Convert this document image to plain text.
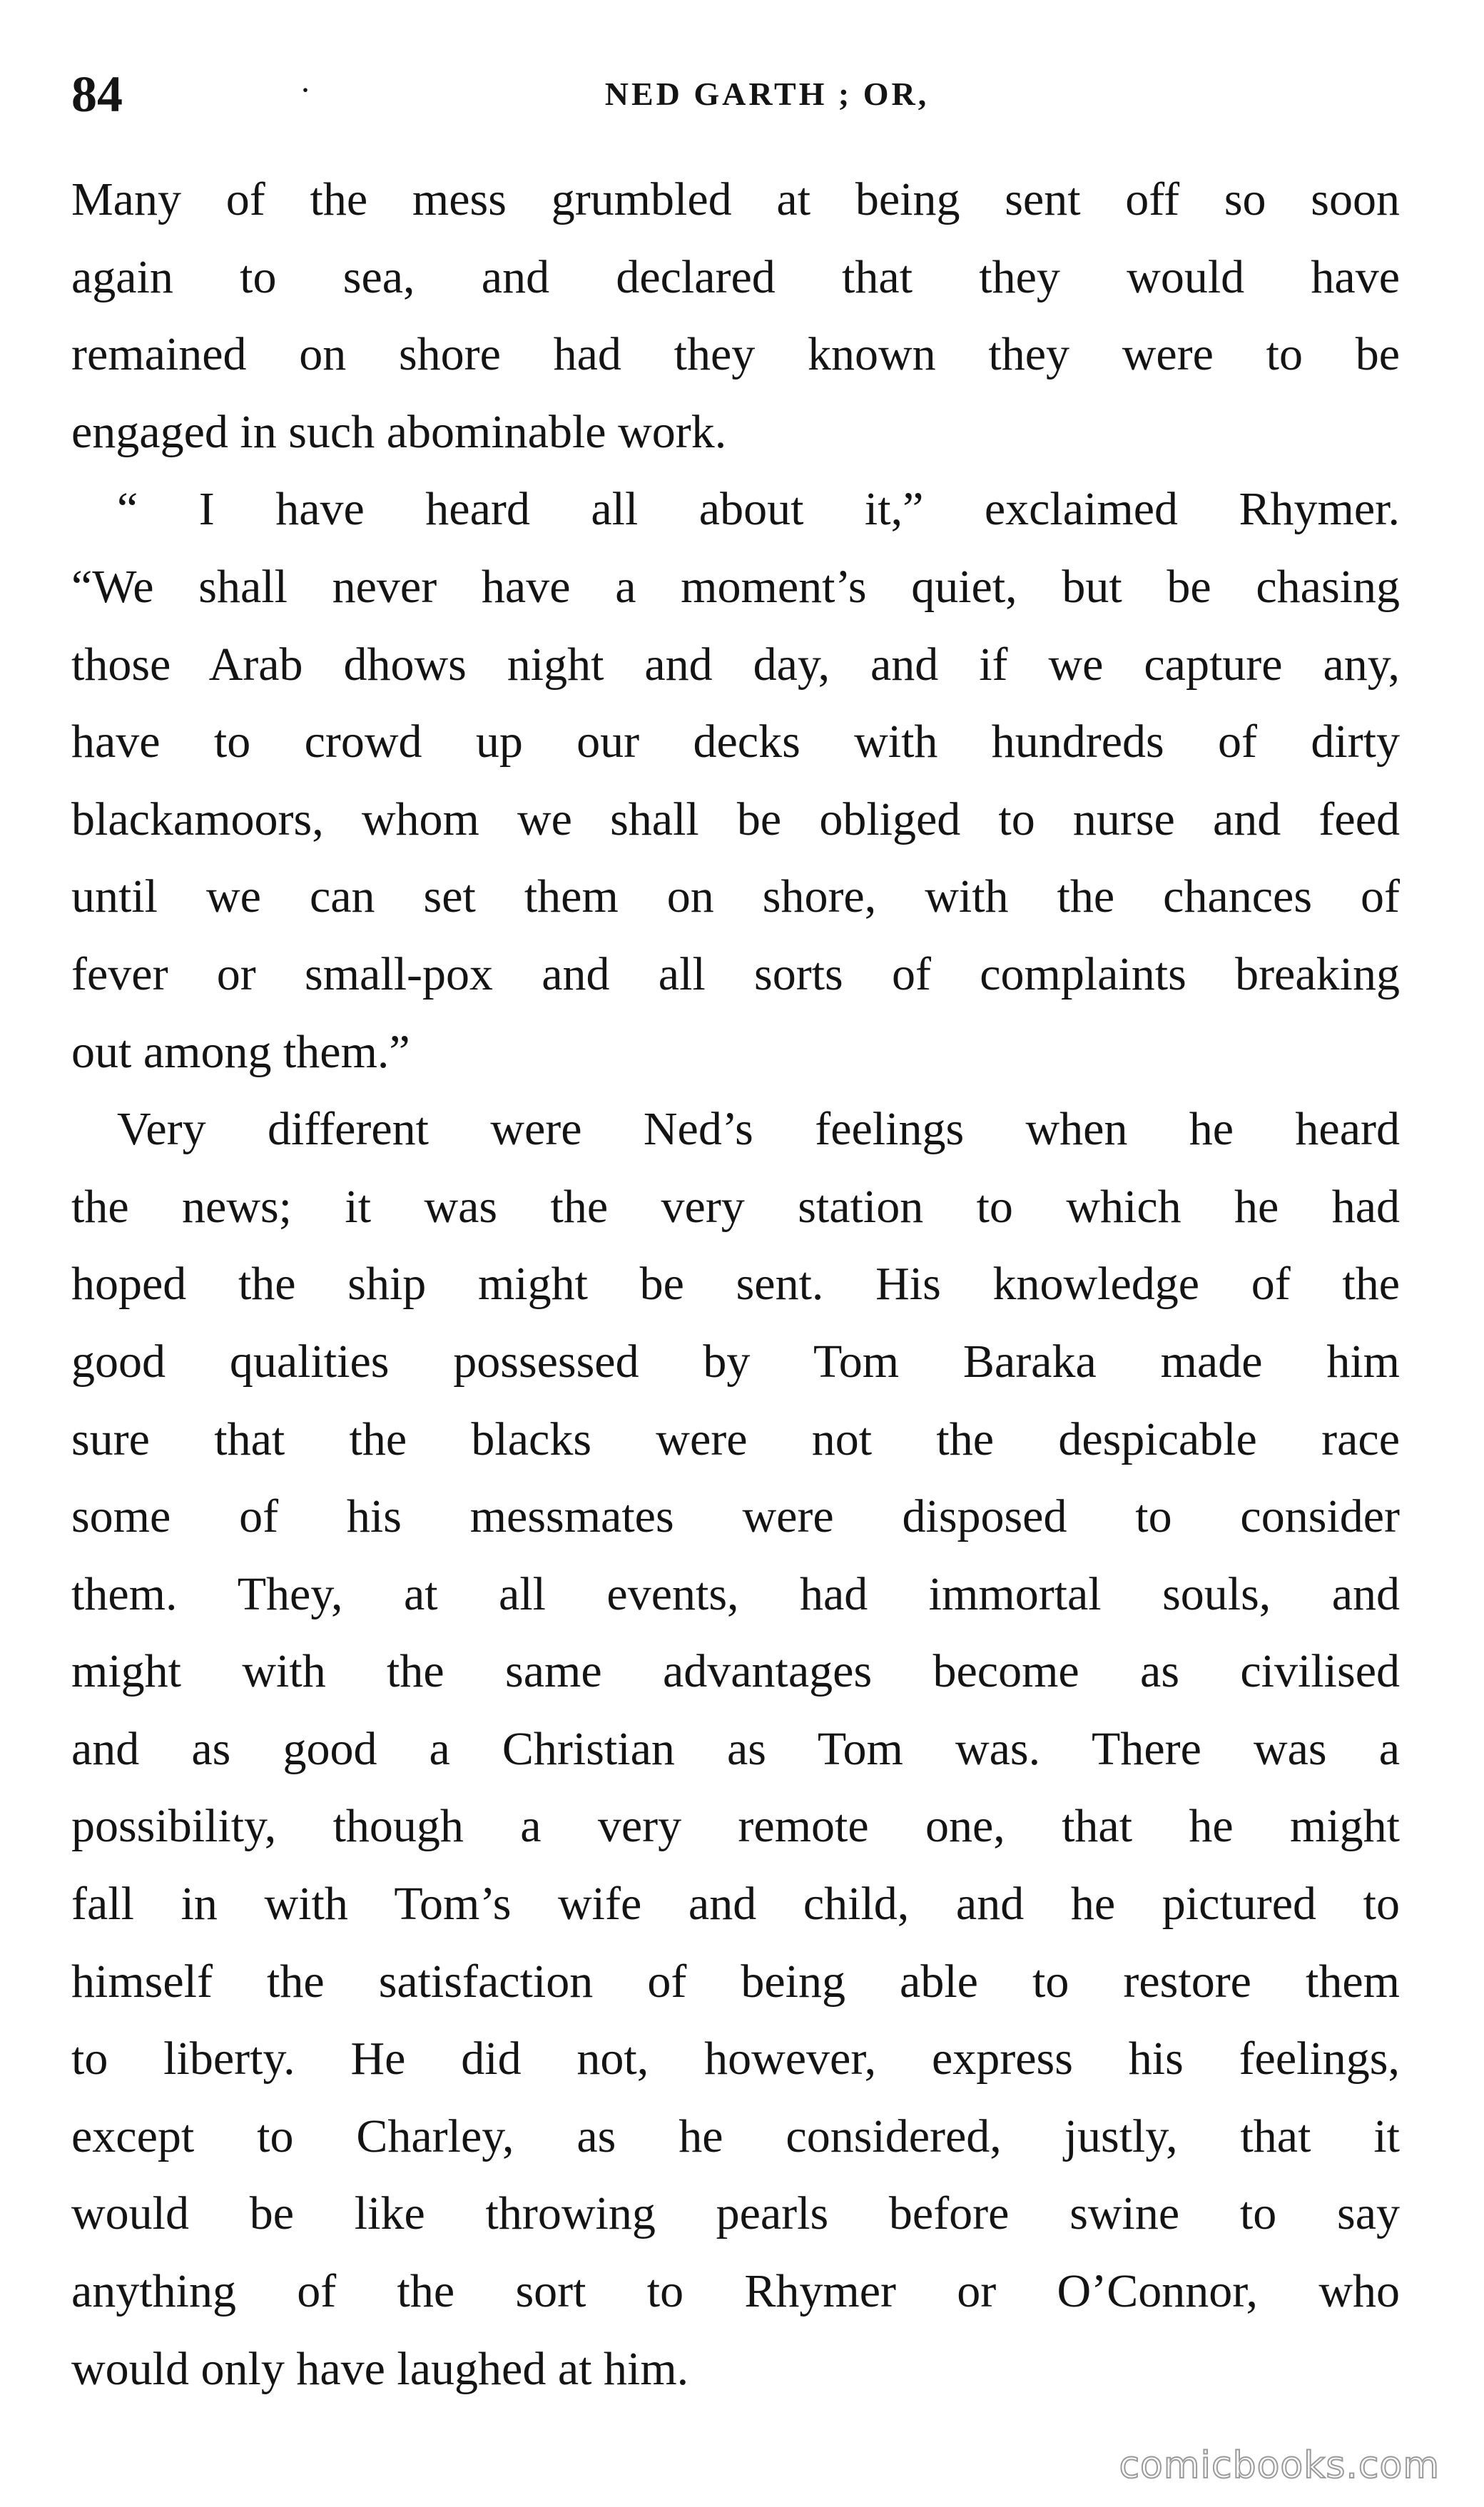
84	·	NED GARTH ; OR,

Many of the mess grumbled at being sent off so soon
again to sea, and declared that they would have
remained on shore had they known they were to be
engaged in such abominable work.

“ I have heard all about it,” exclaimed Rhymer.
“We shall never have a moment’s quiet, but be chasing
those Arab dhows night and day, and if we capture any,
have to crowd up our decks with hundreds of dirty
blackamoors, whom we shall be obliged to nurse and feed
until we can set them on shore, with the chances of
fever or small-pox and all sorts of complaints breaking
out among them.”

Very different were Ned’s feelings when he heard
the news; it was the very station to which he had
hoped the ship might be sent. His knowledge of the
good qualities possessed by Tom Baraka made him
sure that the blacks were not the despicable race
some of his messmates were disposed to consider
them. They, at all events, had immortal souls, and
might with the same advantages become as civilised
and as good a Christian as Tom was. There was a
possibility, though a very remote one, that he might
fall in with Tom’s wife and child, and he pictured to
himself the satisfaction of being able to restore them
to liberty. He did not, however, express his feelings,
except to Charley, as he considered, justly, that it
would be like throwing pearls before swine to say
anything of the sort to Rhymer or O’Connor, who
would only have laughed at him.

comicbooks.com
